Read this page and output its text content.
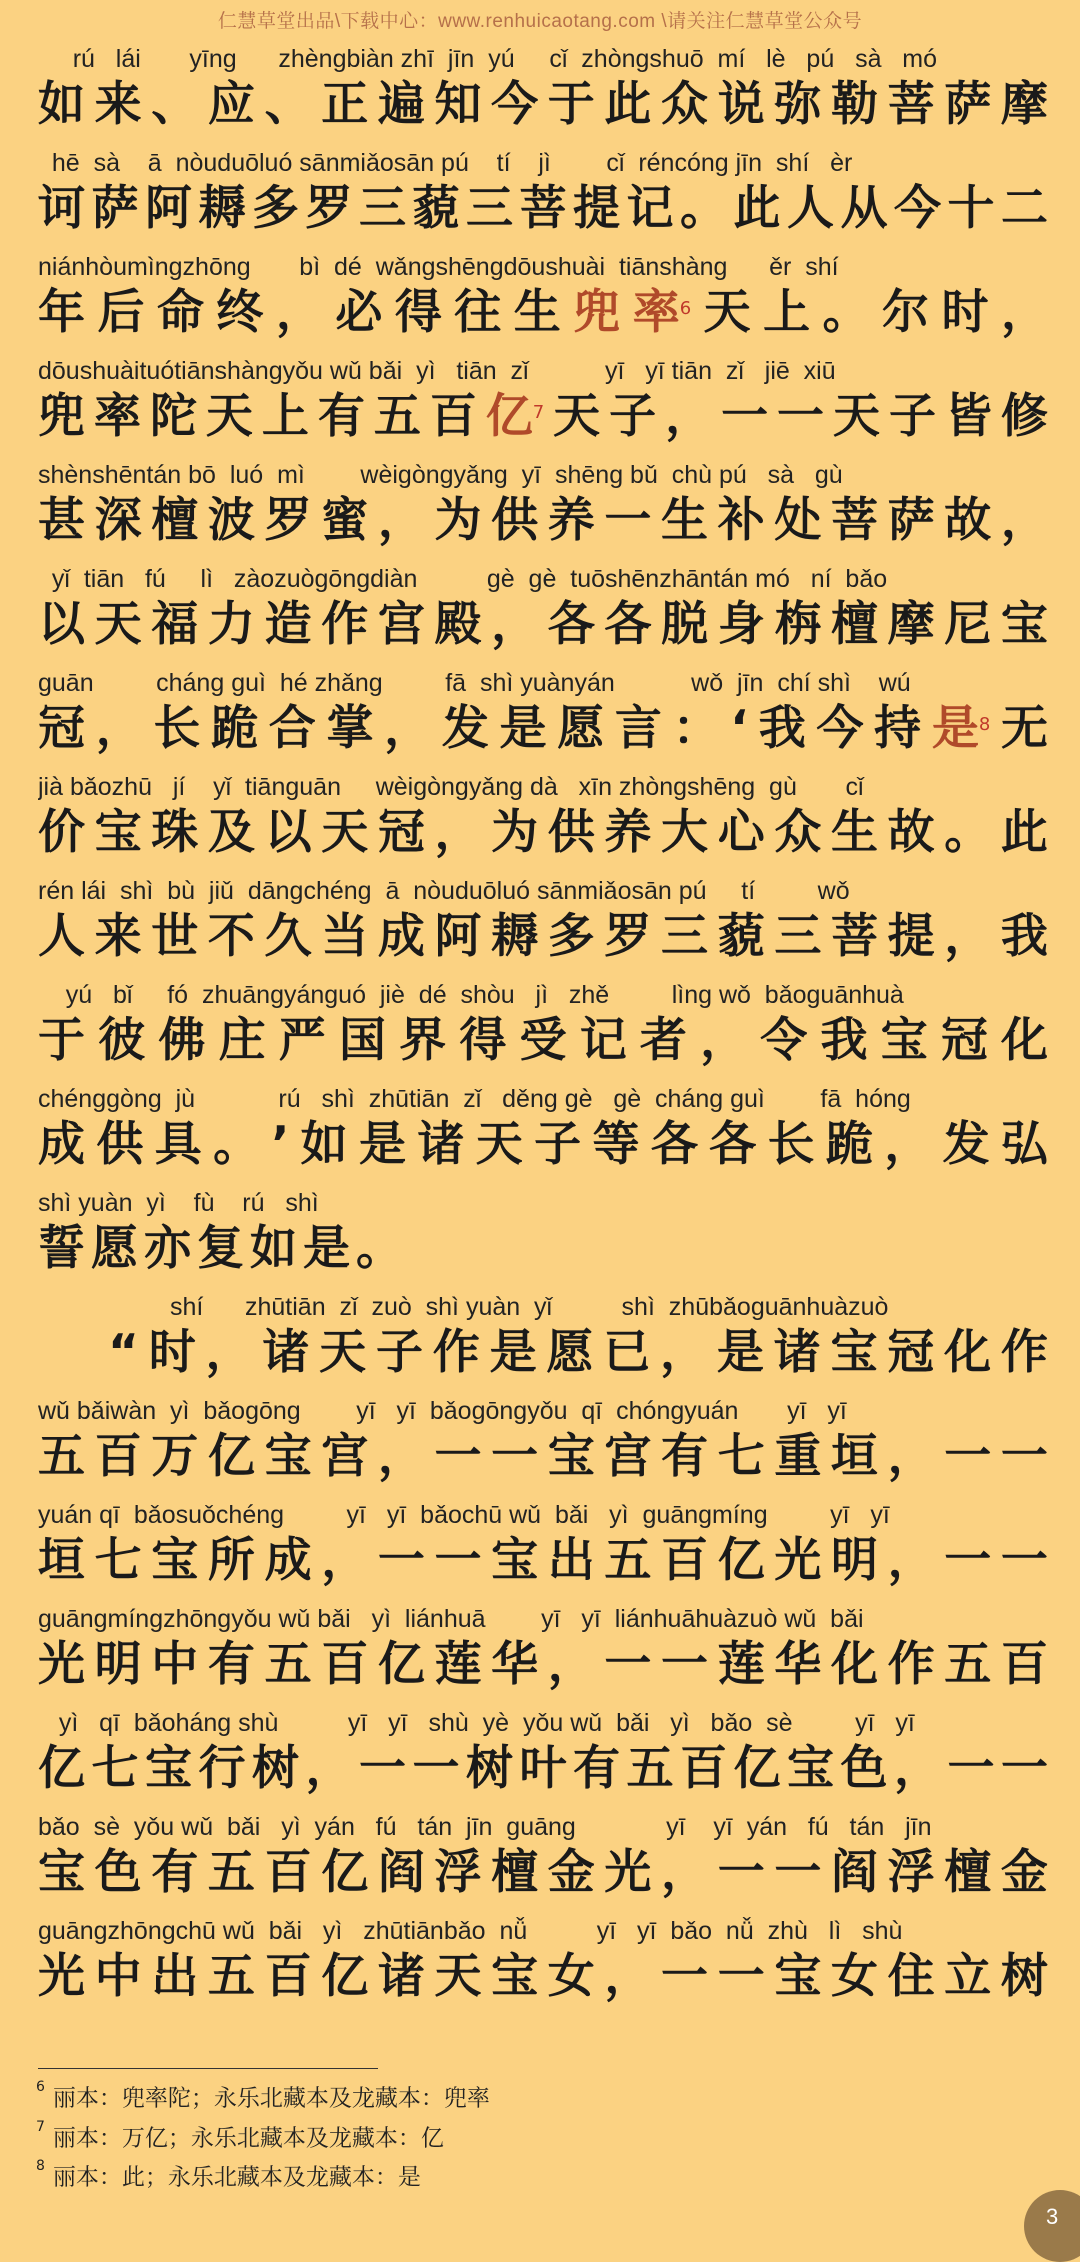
仁慧草堂出品\下载中心：www.renhuicaotang.com \请关注仁慧草堂公众号
rú   lái       yīng      zhèngbiàn zhī  jīn  yú     cǐ  zhòngshuō  mí   lè   pú   sà   mó
如 来 、 应 、 正 遍 知 今 于 此 众 说 弥 勒 菩 萨 摩
hē  sà    ā  nòuduōluó sānmiǎosān pú    tí    jì        cǐ  réncóng jīn  shí   èr
诃 萨 阿 耨 多 罗 三 藐 三 菩 提 记 。 此 人 从 今 十 二
niánhòumìngzhōng       bì  dé  wǎngshēngdōushuài  tiānshàng      ěr  shí
年 后 命 终 ， 必 得 往 生 兜 率$^6$ 天 上 。 尔 时 ，
dōushuàituótiānshàngyǒu wǔ bǎi  yì   tiān  zǐ           yī   yī tiān  zǐ   jiē  xiū
兜 率 陀 天 上 有 五 百 亿$^7$ 天 子 ， 一 一 天 子 皆 修
shènshēntán bō  luó  mì        wèigòngyǎng  yī  shēng bǔ  chù pú   sà   gù
甚 深 檀 波 罗 蜜 ， 为 供 养 一 生 补 处 菩 萨 故 ，
yǐ  tiān   fú     lì   zàozuògōngdiàn          gè  gè  tuōshēnzhāntán mó   ní  bǎo
以 天 福 力 造 作 宫 殿 ， 各 各 脱 身 栴 檀 摩 尼 宝
guān         cháng guì  hé zhǎng         fā  shì yuànyán           wǒ  jīn  chí shì    wú
冠 ， 长 跪 合 掌 ， 发 是 愿 言 ： ‘ 我 今 持 是$^8$ 无
jià bǎozhū   jí    yǐ  tiānguān     wèigòngyǎng dà   xīn zhòngshēng  gù       cǐ
价 宝 珠 及 以 天 冠 ， 为 供 养 大 心 众 生 故 。 此
rén lái  shì  bù  jiǔ  dāngchéng  ā  nòuduōluó sānmiǎosān pú     tí         wǒ
人 来 世 不 久 当 成 阿 耨 多 罗 三 藐 三 菩 提 ， 我
yú   bǐ     fó  zhuāngyánguó  jiè  dé  shòu   jì   zhě         lìng wǒ  bǎoguānhuà
于 彼 佛 庄 严 国 界 得 受 记 者 ， 令 我 宝 冠 化
chénggòng  jù            rú   shì  zhūtiān  zǐ   děng gè   gè  cháng guì        fā  hóng
成 供 具 。 ’ 如 是 诸 天 子 等 各 各 长 跪 ， 发 弘
shì yuàn  yì    fù    rú   shì
誓 愿 亦 复 如 是 。
shí      zhūtiān  zǐ  zuò  shì yuàn  yǐ          shì  zhūbǎoguānhuàzuò
“ 时 ， 诸 天 子 作 是 愿 已 ， 是 诸 宝 冠 化 作
wǔ bǎiwàn  yì  bǎogōng        yī   yī  bǎogōngyǒu  qī  chóngyuán       yī   yī
五 百 万 亿 宝 宫 ， 一 一 宝 宫 有 七 重 垣 ， 一 一
yuán qī  bǎosuǒchéng         yī   yī  bǎochū wǔ  bǎi   yì  guāngmíng         yī   yī
垣 七 宝 所 成 ， 一 一 宝 出 五 百 亿 光 明 ， 一 一
guāngmíngzhōngyǒu wǔ bǎi   yì  liánhuā        yī   yī  liánhuāhuàzuò wǔ  bǎi
光 明 中 有 五 百 亿 莲 华 ， 一 一 莲 华 化 作 五 百
yì   qī  bǎoháng shù          yī   yī   shù  yè  yǒu wǔ  bǎi   yì   bǎo  sè         yī   yī
亿 七 宝 行 树 ， 一 一 树 叶 有 五 百 亿 宝 色 ， 一 一
bǎo  sè  yǒu wǔ  bǎi   yì  yán   fú   tán  jīn  guāng             yī    yī  yán   fú   tán   jīn
宝 色 有 五 百 亿 阎 浮 檀 金 光 ， 一 一 阎 浮 檀 金
guāngzhōngchū wǔ  bǎi   yì   zhūtiānbǎo  nǚ          yī   yī  bǎo  nǚ  zhù   lì   shù
光 中 出 五 百 亿 诸 天 宝 女 ， 一 一 宝 女 住 立 树
$^6$ 丽本：兜率陀；永乐北藏本及龙藏本：兜率
$^7$ 丽本：万亿；永乐北藏本及龙藏本：亿
$^8$ 丽本：此；永乐北藏本及龙藏本：是
3
